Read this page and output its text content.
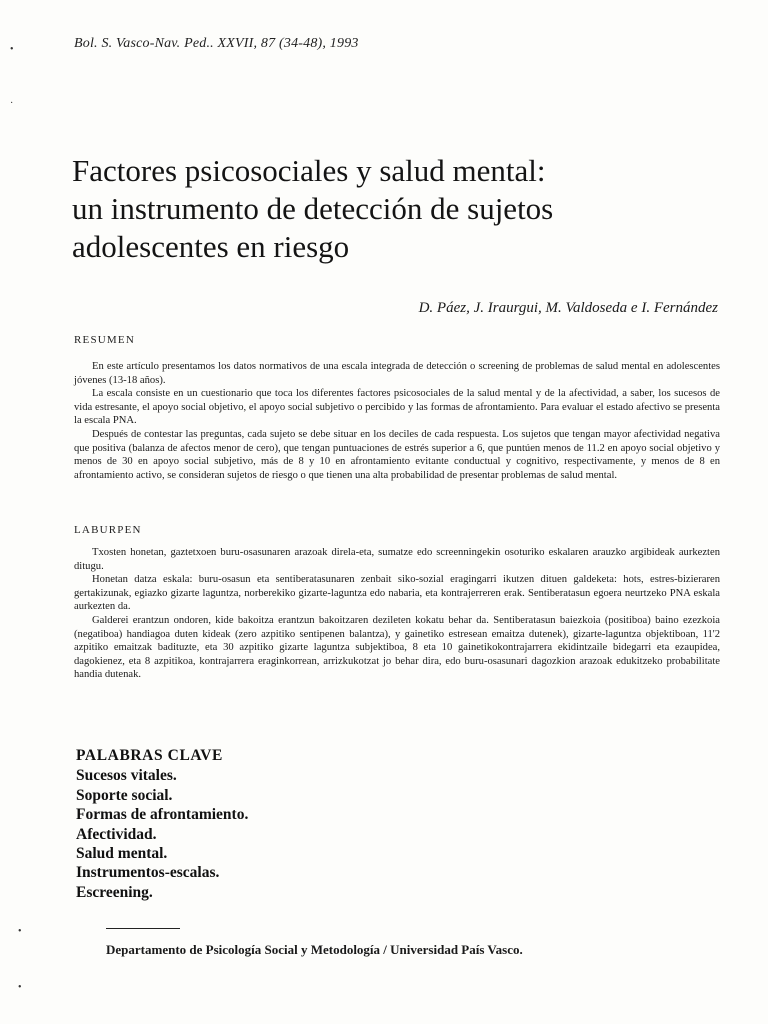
•
·
Bol. S. Vasco-Nav. Ped.. XXVII, 87 (34-48), 1993
Factores psicosociales y salud mental:
un instrumento de detección de sujetos
adolescentes en riesgo
D. Páez, J. Iraurgui, M. Valdoseda e I. Fernández
RESUMEN

En este artículo presentamos los datos normativos de una escala integrada de detección o screening de problemas de salud mental en adolescentes jóvenes (13-18 años).

La escala consiste en un cuestionario que toca los diferentes factores psicosociales de la salud mental y de la afectividad, a saber, los sucesos de vida estresante, el apoyo social objetivo, el apoyo social subjetivo o percibido y las formas de afrontamiento. Para evaluar el estado afectivo se presenta la escala PNA.

Después de contestar las preguntas, cada sujeto se debe situar en los deciles de cada respuesta. Los sujetos que tengan mayor afectividad negativa que positiva (balanza de afectos menor de cero), que tengan puntuaciones de estrés superior a 6, que puntúen menos de 11.2 en apoyo social objetivo y menos de 30 en apoyo social subjetivo, más de 8 y 10 en afrontamiento evitante conductual y cognitivo, respectivamente, y menos de 8 en afrontamiento activo, se consideran sujetos de riesgo o que tienen una alta probabilidad de presentar problemas de salud mental.

LABURPEN

Txosten honetan, gaztetxoen buru-osasunaren arazoak direla-eta, sumatze edo screenningekin osoturiko eskalaren arauzko argibideak aurkezten ditugu.

Honetan datza eskala: buru-osasun eta sentiberatasunaren zenbait siko-sozial eragingarri ikutzen dituen galdeketa: hots, estres-bizieraren gertakizunak, egiazko gizarte laguntza, norberekiko gizarte-laguntza edo nabaria, eta kontrajerreren erak. Sentiberatasun egoera neurtzeko PNA eskala aurkezten da.

Galderei erantzun ondoren, kide bakoitza erantzun bakoitzaren dezileten kokatu behar da. Sentiberatasun baiezkoia (positiboa) baino ezezkoia (negatiboa) handiagoa duten kideak (zero azpitiko sentipenen balantza), y gainetiko estresean emaitza dutenek), gizarte-laguntza objektiboan, 11'2 azpitiko emaitzak badituzte, eta 30 azpitiko gizarte laguntza subjektiboa, 8 eta 10 gainetikokontrajarrera ekidintzaile bidegarri eta ezaupidea, dagokienez, eta 8 azpitikoa, kontrajarrera eraginkorrean, arrizkukotzat jo behar dira, edo buru-osasunari dagozkion arazoak edukitzeko probabilitate handia dutenak.

PALABRAS CLAVE
Sucesos vitales.
Soporte social.
Formas de afrontamiento.
Afectividad.
Salud mental.
Instrumentos-escalas.
Escreening.
•
•
Departamento de Psicología Social y Metodología / Universidad País Vasco.
